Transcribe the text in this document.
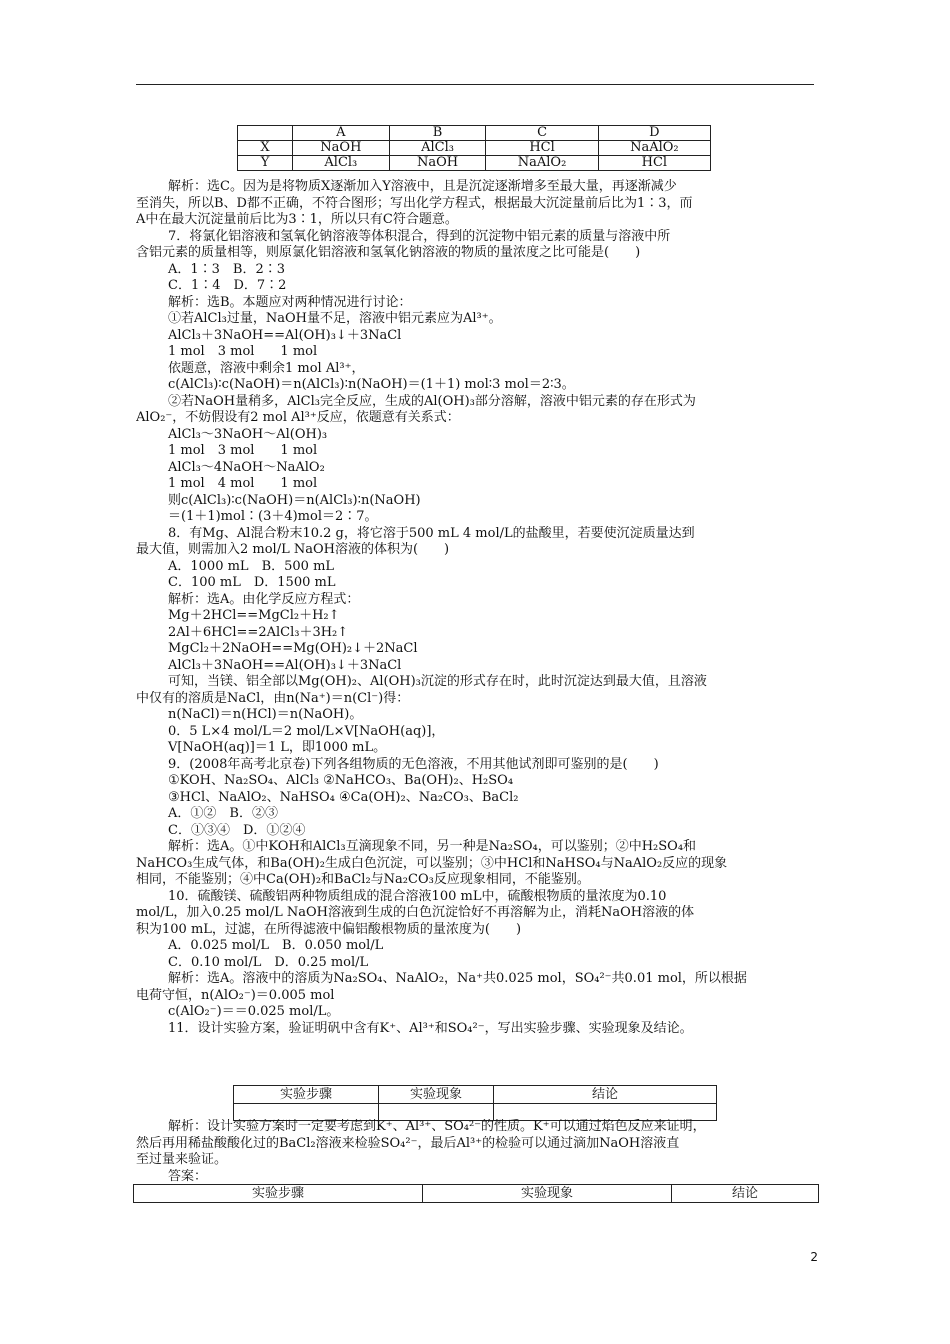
	A	B	C	D
X	NaOH	AlCl₃	HCl	NaAlO₂
Y	AlCl₃	NaOH	NaAlO₂	HCl
解析：选C。因为是将物质X逐渐加入Y溶液中，且是沉淀逐渐增多至最大量，再逐渐减少
至消失，所以B、D都不正确，不符合图形；写出化学方程式，根据最大沉淀量前后比为1∶3，而
A中在最大沉淀量前后比为3∶1，所以只有C符合题意。
7．将氯化铝溶液和氢氧化钠溶液等体积混合，得到的沉淀物中铝元素的质量与溶液中所
含铝元素的质量相等，则原氯化铝溶液和氢氧化钠溶液的物质的量浓度之比可能是(　　)
A．1∶3　B．2∶3
C．1∶4　D．7∶2
解析：选B。本题应对两种情况进行讨论：
①若AlCl₃过量，NaOH量不足，溶液中铝元素应为Al³⁺。
AlCl₃＋3NaOH==Al(OH)₃↓＋3NaCl
1 mol　3 mol　　1 mol
依题意，溶液中剩余1 mol Al³⁺，
c(AlCl₃)∶c(NaOH)＝n(AlCl₃)∶n(NaOH)＝(1＋1) mol∶3 mol＝2∶3。
②若NaOH量稍多，AlCl₃完全反应，生成的Al(OH)₃部分溶解，溶液中铝元素的存在形式为
AlO₂⁻，不妨假设有2 mol Al³⁺反应，依题意有关系式：
AlCl₃～3NaOH～Al(OH)₃
1 mol　3 mol　　1 mol
AlCl₃～4NaOH～NaAlO₂
1 mol　4 mol　　1 mol
则c(AlCl₃)∶c(NaOH)＝n(AlCl₃)∶n(NaOH)
＝(1＋1)mol∶(3＋4)mol＝2∶7。
8．有Mg、Al混合粉末10.2 g，将它溶于500 mL 4 mol/L的盐酸里，若要使沉淀质量达到
最大值，则需加入2 mol/L NaOH溶液的体积为(　　)
A．1000 mL　B．500 mL
C．100 mL　D．1500 mL
解析：选A。由化学反应方程式：
Mg＋2HCl==MgCl₂＋H₂↑
2Al＋6HCl==2AlCl₃＋3H₂↑
MgCl₂＋2NaOH==Mg(OH)₂↓＋2NaCl
AlCl₃＋3NaOH==Al(OH)₃↓＋3NaCl
可知，当镁、铝全部以Mg(OH)₂、Al(OH)₃沉淀的形式存在时，此时沉淀达到最大值，且溶液
中仅有的溶质是NaCl，由n(Na⁺)＝n(Cl⁻)得：
n(NaCl)＝n(HCl)＝n(NaOH)。
0．5 L×4 mol/L＝2 mol/L×V[NaOH(aq)]，
V[NaOH(aq)]＝1 L，即1000 mL。
9．(2008年高考北京卷)下列各组物质的无色溶液，不用其他试剂即可鉴别的是(　　)
①KOH、Na₂SO₄、AlCl₃ ②NaHCO₃、Ba(OH)₂、H₂SO₄
③HCl、NaAlO₂、NaHSO₄ ④Ca(OH)₂、Na₂CO₃、BaCl₂
A．①②　B．②③
C．①③④　D．①②④
解析：选A。①中KOH和AlCl₃互滴现象不同，另一种是Na₂SO₄，可以鉴别；②中H₂SO₄和
NaHCO₃生成气体，和Ba(OH)₂生成白色沉淀，可以鉴别；③中HCl和NaHSO₄与NaAlO₂反应的现象
相同，不能鉴别；④中Ca(OH)₂和BaCl₂与Na₂CO₃反应现象相同，不能鉴别。
10．硫酸镁、硫酸铝两种物质组成的混合溶液100 mL中，硫酸根物质的量浓度为0.10
mol/L，加入0.25 mol/L NaOH溶液到生成的白色沉淀恰好不再溶解为止，消耗NaOH溶液的体
积为100 mL，过滤，在所得滤液中偏铝酸根物质的量浓度为(　　)
A．0.025 mol/L　B．0.050 mol/L
C．0.10 mol/L　D．0.25 mol/L
解析：选A。溶液中的溶质为Na₂SO₄、NaAlO₂，Na⁺共0.025 mol，SO₄²⁻共0.01 mol，所以根据
电荷守恒，n(AlO₂⁻)＝0.005 mol
c(AlO₂⁻)＝＝0.025 mol/L。
11．设计实验方案，验证明矾中含有K⁺、Al³⁺和SO₄²⁻，写出实验步骤、实验现象及结论。
实验步骤	实验现象	结论

解析：设计实验方案时一定要考虑到K⁺、Al³⁺、SO₄²⁻的性质。K⁺可以通过焰色反应来证明，
然后再用稀盐酸酸化过的BaCl₂溶液来检验SO₄²⁻，最后Al³⁺的检验可以通过滴加NaOH溶液直
至过量来验证。
答案：
实验步骤	实验现象	结论
2
